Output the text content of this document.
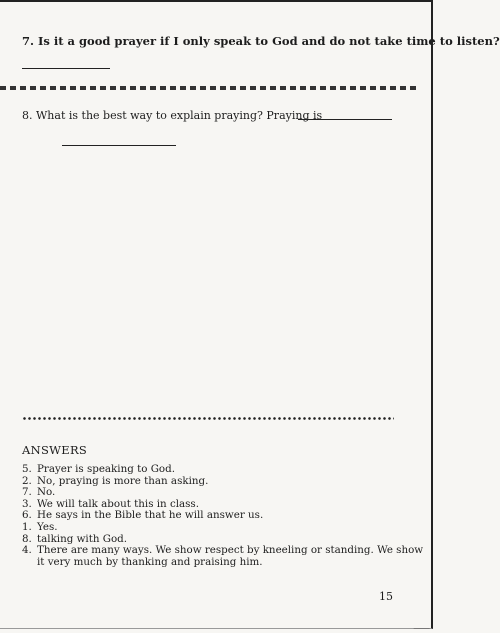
7. Is it a good prayer if I only speak to God and do not take time to listen?
8. What is the best way to explain praying? Praying is
ANSWERS
5. Prayer is speaking to God.
2. No, praying is more than asking.
7. No.
3. We will talk about this in class.
6. He says in the Bible that he will answer us.
1. Yes.
8. talking with God.
4. There are many ways. We show respect by kneeling or standing. We show
it very much by thanking and praising him.
15
